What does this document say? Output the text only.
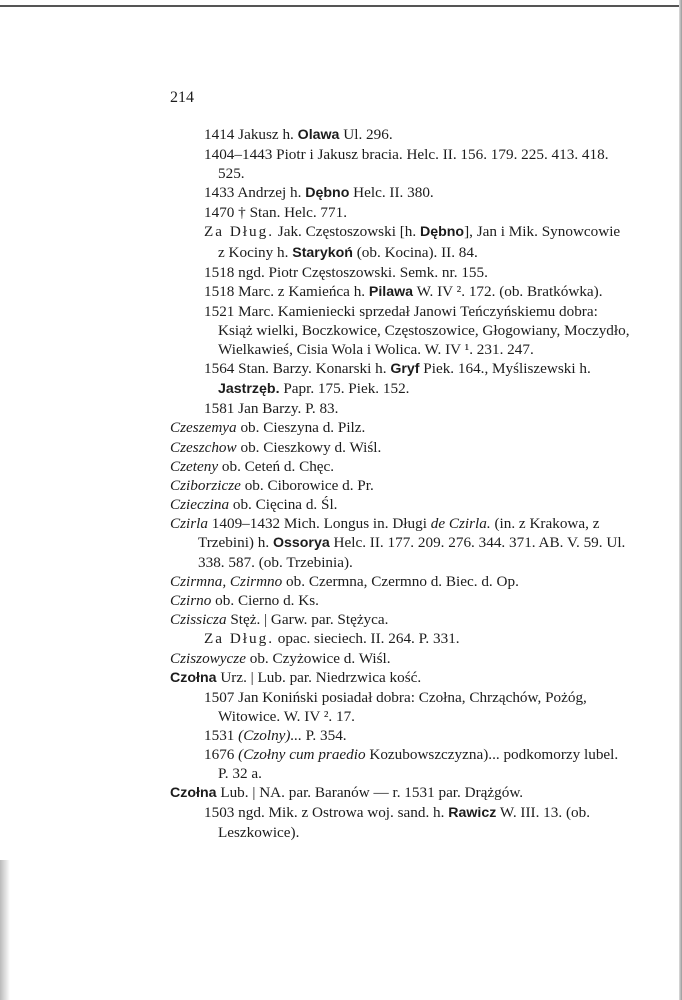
214

1414 Jakusz h. Olawa Ul. 296.

1404–1443 Piotr i Jakusz bracia. Helc. II. 156. 179. 225. 413. 418. 525.

1433 Andrzej h. Dębno Helc. II. 380.

1470 † Stan. Helc. 771.

Za Dług. Jak. Częstoszowski [h. Dębno], Jan i Mik. Synowcowie z Kociny h. Starykoń (ob. Kocina). II. 84.

1518 ngd. Piotr Częstoszowski. Semk. nr. 155.

1518 Marc. z Kamieńca h. Pilawa W. IV ². 172. (ob. Bratkówka).

1521 Marc. Kamieniecki sprzedał Janowi Teńczyńskiemu dobra: Książ wielki, Boczkowice, Częstoszowice, Głogowiany, Moczydło, Wielkawieś, Cisia Wola i Wolica. W. IV ¹. 231. 247.

1564 Stan. Barzy. Konarski h. Gryf Piek. 164., Myśliszewski h. Jastrzęb. Papr. 175. Piek. 152.

1581 Jan Barzy. P. 83.

Czeszemya ob. Cieszyna d. Pilz.

Czeszchow ob. Cieszkowy d. Wiśl.

Czeteny ob. Ceteń d. Chęc.

Cziborzicze ob. Ciborowice d. Pr.

Czieczina ob. Cięcina d. Śl.

Czirla 1409–1432 Mich. Longus in. Długi de Czirla. (in. z Krakowa, z Trzebini) h. Ossorya Helc. II. 177. 209. 276. 344. 371. AB. V. 59. Ul. 338. 587. (ob. Trzebinia).

Czirmna, Czirmno ob. Czermna, Czermno d. Biec. d. Op.

Czirno ob. Cierno d. Ks.

Czissicza Stęż. | Garw. par. Stężyca.

Za Dług. opac. sieciech. II. 264. P. 331.

Cziszowycze ob. Czyżowice d. Wiśl.

Czołna Urz. | Lub. par. Niedrzwica kość.

1507 Jan Koniński posiadał dobra: Czołna, Chrząchów, Pożóg, Witowice. W. IV ². 17.

1531 (Czolny)... P. 354.

1676 (Czołny cum praedio Kozubowszczyzna)... podkomorzy lubel. P. 32 a.

Czołna Lub. | NA. par. Baranów — r. 1531 par. Drążgów.

1503 ngd. Mik. z Ostrowa woj. sand. h. Rawicz W. III. 13. (ob. Leszkowice).
